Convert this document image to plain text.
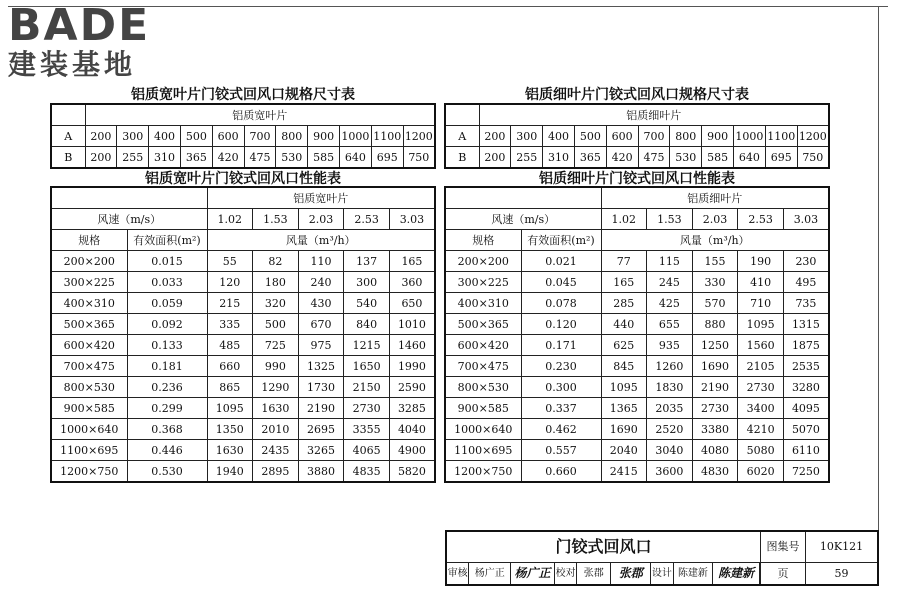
BADE
建装基地
铝质宽叶片门铰式回风口规格尺寸表	铝质细叶片门铰式回风口规格尺寸表
铝质宽叶片门铰式回风口性能表	铝质细叶片门铰式回风口性能表
	铝质宽叶片										
A	200	300	400	500	600	700	800	900	1000	1100	1200
B	200	255	310	365	420	475	530	585	640	695	750
	铝质细叶片										
A	200	300	400	500	600	700	800	900	1000	1100	1200
B	200	255	310	365	420	475	530	585	640	695	750
		铝质宽叶片				
风速（m/s）		1.02	1.53	2.03	2.53	3.03
规格	有效面积(m²)	风量（m³/h）				
200×200	0.015	55	82	110	137	165
300×225	0.033	120	180	240	300	360
400×310	0.059	215	320	430	540	650
500×365	0.092	335	500	670	840	1010
600×420	0.133	485	725	975	1215	1460
700×475	0.181	660	990	1325	1650	1990
800×530	0.236	865	1290	1730	2150	2590
900×585	0.299	1095	1630	2190	2730	3285
1000×640	0.368	1350	2010	2695	3355	4040
1100×695	0.446	1630	2435	3265	4065	4900
1200×750	0.530	1940	2895	3880	4835	5820
		铝质细叶片				
风速（m/s）		1.02	1.53	2.03	2.53	3.03
规格	有效面积(m²)	风量（m³/h）				
200×200	0.021	77	115	155	190	230
300×225	0.045	165	245	330	410	495
400×310	0.078	285	425	570	710	735
500×365	0.120	440	655	880	1095	1315
600×420	0.171	625	935	1250	1560	1875
700×475	0.230	845	1260	1690	2105	2535
800×530	0.300	1095	1830	2190	2730	3280
900×585	0.337	1365	2035	2730	3400	4095
1000×640	0.462	1690	2520	3380	4210	5070
1100×695	0.557	2040	3040	4080	5080	6110
1200×750	0.660	2415	3600	4830	6020	7250
门铰式回风口	图集号	10K121
审核 杨广正 杨广正 校对 张郡	张郡 设计 陈建新 陈建新	页	59
